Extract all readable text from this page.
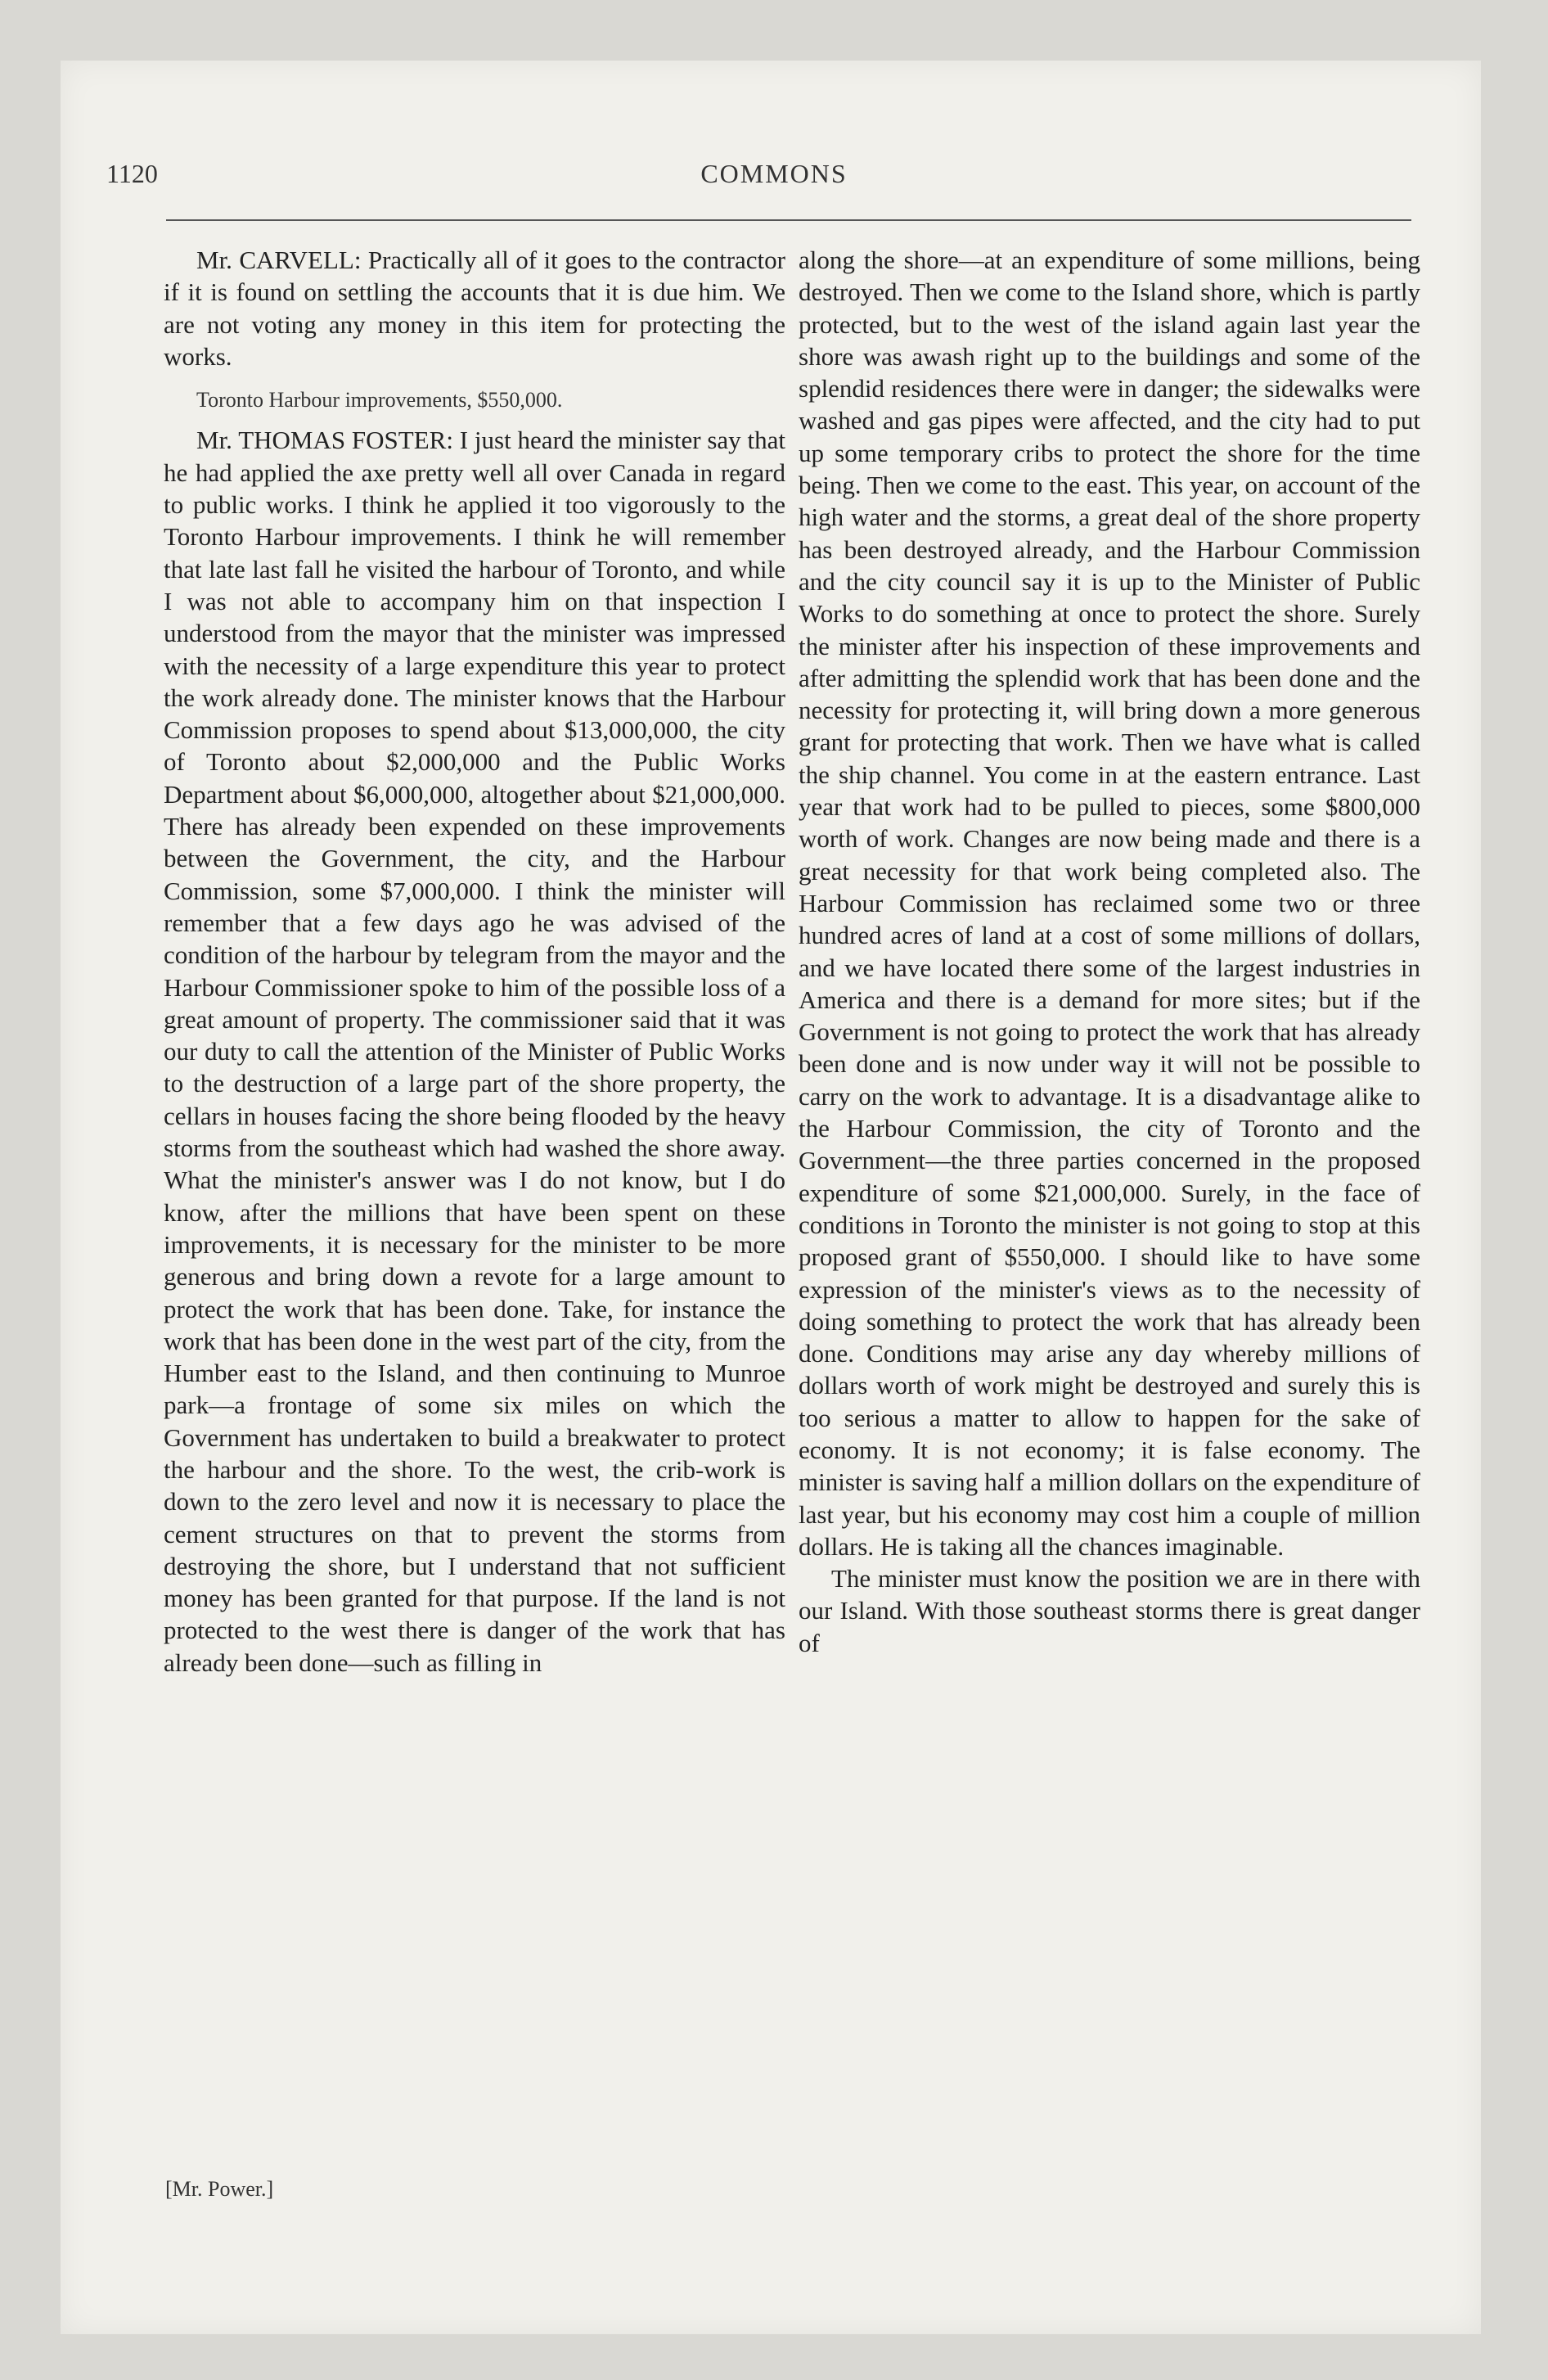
1120	COMMONS

Mr. CARVELL: Practically all of it goes to the contractor if it is found on settling the accounts that it is due him. We are not voting any money in this item for protecting the works.

Toronto Harbour improvements, $550,000.

Mr. THOMAS FOSTER: I just heard the minister say that he had applied the axe pretty well all over Canada in regard to public works. I think he applied it too vigorously to the Toronto Harbour improvements. I think he will remember that late last fall he visited the harbour of Toronto, and while I was not able to accompany him on that inspection I understood from the mayor that the minister was impressed with the necessity of a large expenditure this year to protect the work already done. The minister knows that the Harbour Commission proposes to spend about $13,000,000, the city of Toronto about $2,000,000 and the Public Works Department about $6,000,000, altogether about $21,000,000. There has already been expended on these improvements between the Government, the city, and the Harbour Commission, some $7,000,000. I think the minister will remember that a few days ago he was advised of the condition of the harbour by telegram from the mayor and the Harbour Commissioner spoke to him of the possible loss of a great amount of property. The commissioner said that it was our duty to call the attention of the Minister of Public Works to the destruction of a large part of the shore property, the cellars in houses facing the shore being flooded by the heavy storms from the southeast which had washed the shore away. What the minister's answer was I do not know, but I do know, after the millions that have been spent on these improvements, it is necessary for the minister to be more generous and bring down a revote for a large amount to protect the work that has been done. Take, for instance the work that has been done in the west part of the city, from the Humber east to the Island, and then continuing to Munroe park—a frontage of some six miles on which the Government has undertaken to build a breakwater to protect the harbour and the shore. To the west, the crib-work is down to the zero level and now it is necessary to place the cement structures on that to prevent the storms from destroying the shore, but I understand that not sufficient money has been granted for that purpose. If the land is not protected to the west there is danger of the work that has already been done—such as filling in

along the shore—at an expenditure of some millions, being destroyed. Then we come to the Island shore, which is partly protected, but to the west of the island again last year the shore was awash right up to the buildings and some of the splendid residences there were in danger; the sidewalks were washed and gas pipes were affected, and the city had to put up some temporary cribs to protect the shore for the time being. Then we come to the east. This year, on account of the high water and the storms, a great deal of the shore property has been destroyed already, and the Harbour Commission and the city council say it is up to the Minister of Public Works to do something at once to protect the shore. Surely the minister after his inspection of these improvements and after admitting the splendid work that has been done and the necessity for protecting it, will bring down a more generous grant for protecting that work. Then we have what is called the ship channel. You come in at the eastern entrance. Last year that work had to be pulled to pieces, some $800,000 worth of work. Changes are now being made and there is a great necessity for that work being completed also. The Harbour Commission has reclaimed some two or three hundred acres of land at a cost of some millions of dollars, and we have located there some of the largest industries in America and there is a demand for more sites; but if the Government is not going to protect the work that has already been done and is now under way it will not be possible to carry on the work to advantage. It is a disadvantage alike to the Harbour Commission, the city of Toronto and the Government—the three parties concerned in the proposed expenditure of some $21,000,000. Surely, in the face of conditions in Toronto the minister is not going to stop at this proposed grant of $550,000. I should like to have some expression of the minister's views as to the necessity of doing something to protect the work that has already been done. Conditions may arise any day whereby millions of dollars worth of work might be destroyed and surely this is too serious a matter to allow to happen for the sake of economy. It is not economy; it is false economy. The minister is saving half a million dollars on the expenditure of last year, but his economy may cost him a couple of million dollars. He is taking all the chances imaginable.

The minister must know the position we are in there with our Island. With those southeast storms there is great danger of

[Mr. Power.]
